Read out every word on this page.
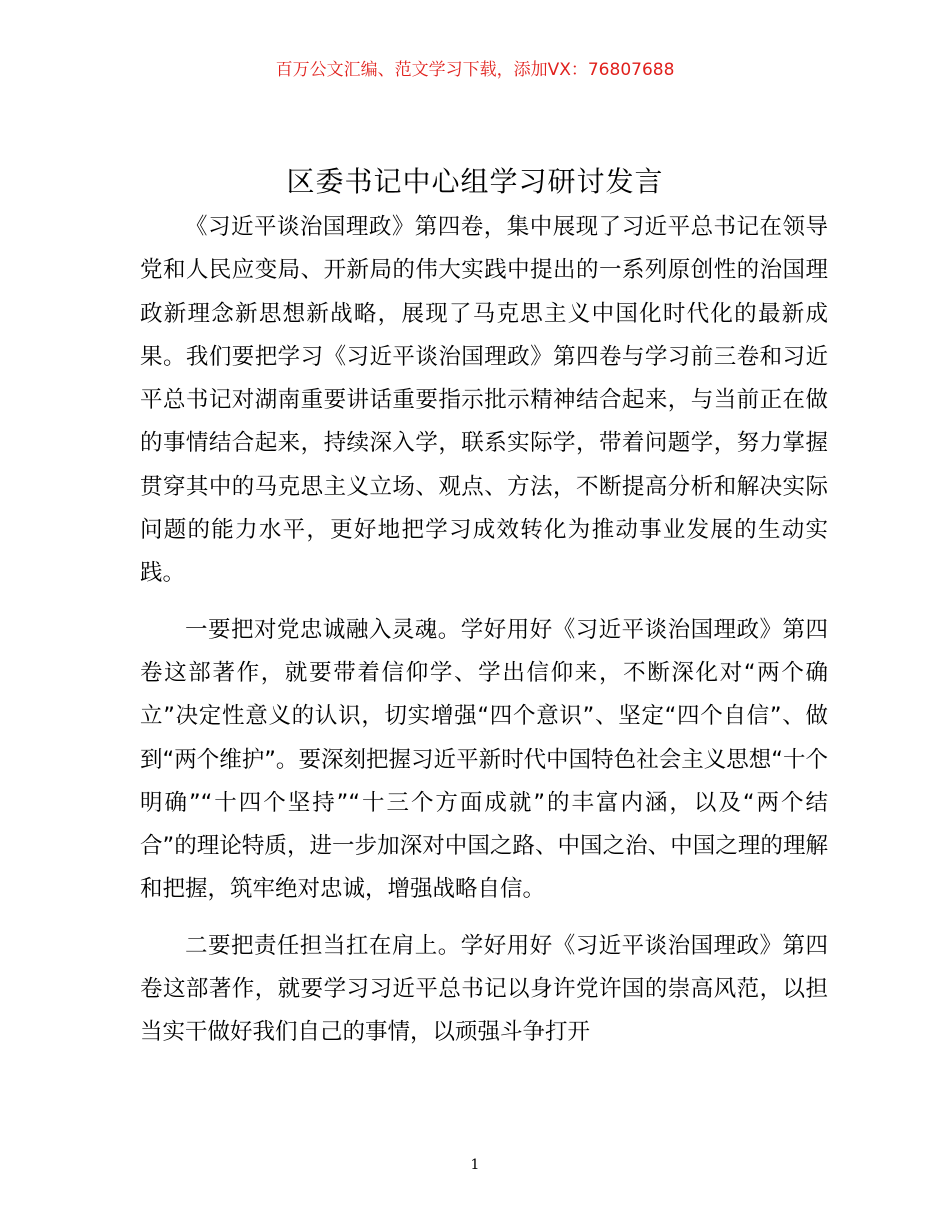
百万公文汇编、范文学习下载，添加VX：76807688
区委书记中心组学习研讨发言

《习近平谈治国理政》第四卷，集中展现了习近平总书记在领导党和人民应变局、开新局的伟大实践中提出的一系列原创性的治国理政新理念新思想新战略，展现了马克思主义中国化时代化的最新成果。我们要把学习《习近平谈治国理政》第四卷与学习前三卷和习近平总书记对湖南重要讲话重要指示批示精神结合起来，与当前正在做的事情结合起来，持续深入学，联系实际学，带着问题学，努力掌握贯穿其中的马克思主义立场、观点、方法，不断提高分析和解决实际问题的能力水平，更好地把学习成效转化为推动事业发展的生动实践。

一要把对党忠诚融入灵魂。学好用好《习近平谈治国理政》第四卷这部著作，就要带着信仰学、学出信仰来，不断深化对“两个确立”决定性意义的认识，切实增强“四个意识”、坚定“四个自信”、做到“两个维护”。要深刻把握习近平新时代中国特色社会主义思想“十个明确”“十四个坚持”“十三个方面成就”的丰富内涵，以及“两个结合”的理论特质，进一步加深对中国之路、中国之治、中国之理的理解和把握，筑牢绝对忠诚，增强战略自信。

二要把责任担当扛在肩上。学好用好《习近平谈治国理政》第四卷这部著作，就要学习习近平总书记以身许党许国的崇高风范，以担当实干做好我们自己的事情，以顽强斗争打开

1
